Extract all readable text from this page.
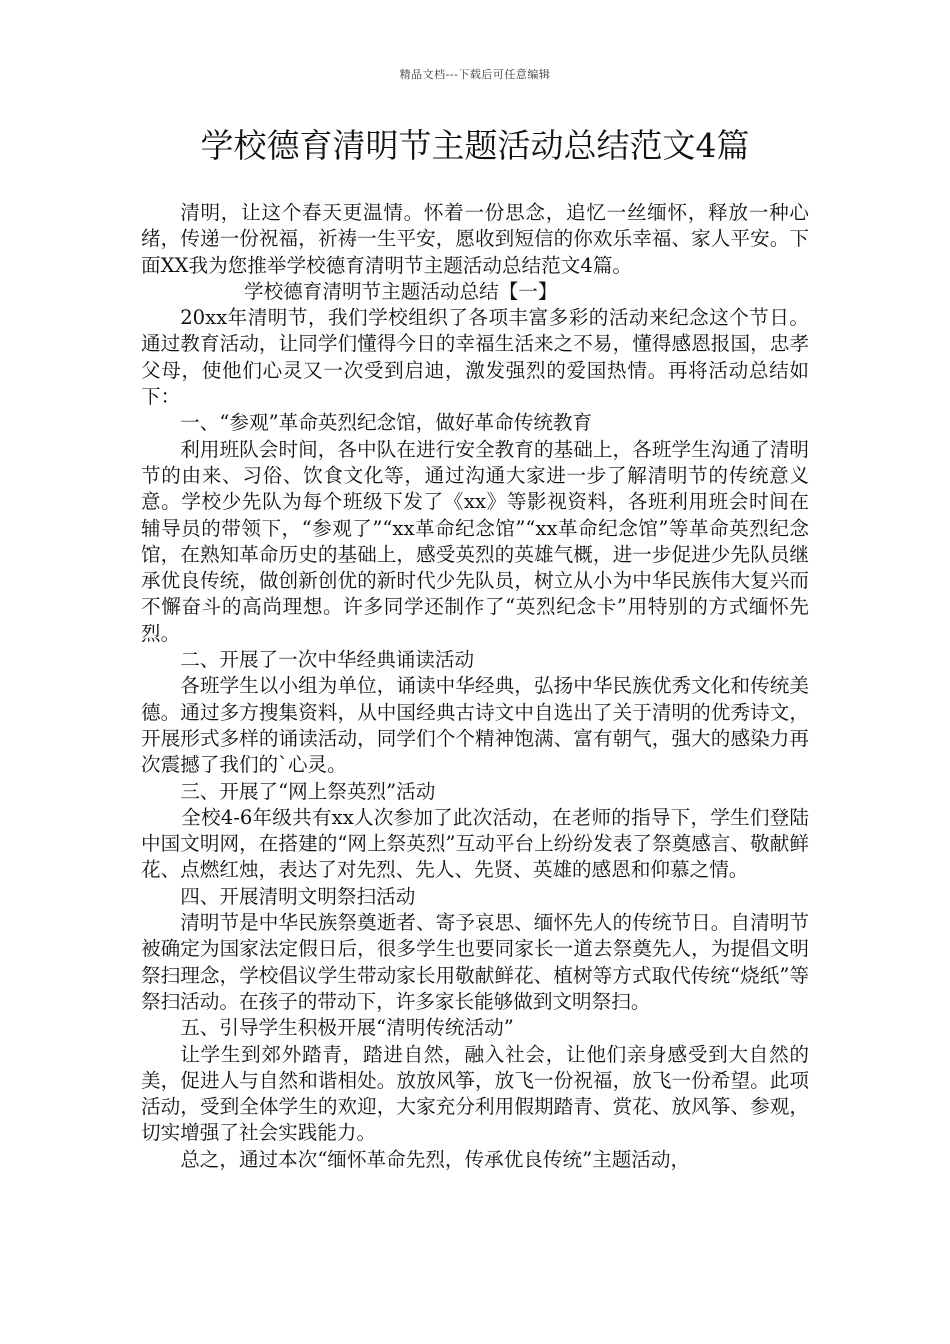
精品文档---下载后可任意编辑
学校德育清明节主题活动总结范文4篇

清明，让这个春天更温情。怀着一份思念，追忆一丝缅怀，释放一种心绪，传递一份祝福，祈祷一生平安，愿收到短信的你欢乐幸福、家人平安。下面XX我为您推举学校德育清明节主题活动总结范文4篇。

学校德育清明节主题活动总结【一】

20xx年清明节，我们学校组织了各项丰富多彩的活动来纪念这个节日。通过教育活动，让同学们懂得今日的幸福生活来之不易，懂得感恩报国，忠孝父母，使他们心灵又一次受到启迪，激发强烈的爱国热情。再将活动总结如下：

一、“参观”革命英烈纪念馆，做好革命传统教育

利用班队会时间，各中队在进行安全教育的基础上，各班学生沟通了清明节的由来、习俗、饮食文化等，通过沟通大家进一步了解清明节的传统意义意。学校少先队为每个班级下发了《xx》等影视资料，各班利用班会时间在辅导员的带领下，“参观了”“xx革命纪念馆”“xx革命纪念馆”等革命英烈纪念馆，在熟知革命历史的基础上，感受英烈的英雄气概，进一步促进少先队员继承优良传统，做创新创优的新时代少先队员，树立从小为中华民族伟大复兴而不懈奋斗的高尚理想。许多同学还制作了“英烈纪念卡”用特别的方式缅怀先烈。

二、开展了一次中华经典诵读活动

各班学生以小组为单位，诵读中华经典，弘扬中华民族优秀文化和传统美德。通过多方搜集资料，从中国经典古诗文中自选出了关于清明的优秀诗文，开展形式多样的诵读活动，同学们个个精神饱满、富有朝气，强大的感染力再次震撼了我们的`心灵。

三、开展了“网上祭英烈”活动

全校4-6年级共有xx人次参加了此次活动，在老师的指导下，学生们登陆中国文明网，在搭建的“网上祭英烈”互动平台上纷纷发表了祭奠感言、敬献鲜花、点燃红烛，表达了对先烈、先人、先贤、英雄的感恩和仰慕之情。

四、开展清明文明祭扫活动

清明节是中华民族祭奠逝者、寄予哀思、缅怀先人的传统节日。自清明节被确定为国家法定假日后，很多学生也要同家长一道去祭奠先人，为提倡文明祭扫理念，学校倡议学生带动家长用敬献鲜花、植树等方式取代传统“烧纸”等祭扫活动。在孩子的带动下，许多家长能够做到文明祭扫。

五、引导学生积极开展“清明传统活动”

让学生到郊外踏青，踏进自然，融入社会，让他们亲身感受到大自然的美，促进人与自然和谐相处。放放风筝，放飞一份祝福，放飞一份希望。此项活动，受到全体学生的欢迎，大家充分利用假期踏青、赏花、放风筝、参观，切实增强了社会实践能力。

总之，通过本次“缅怀革命先烈，传承优良传统”主题活动，
